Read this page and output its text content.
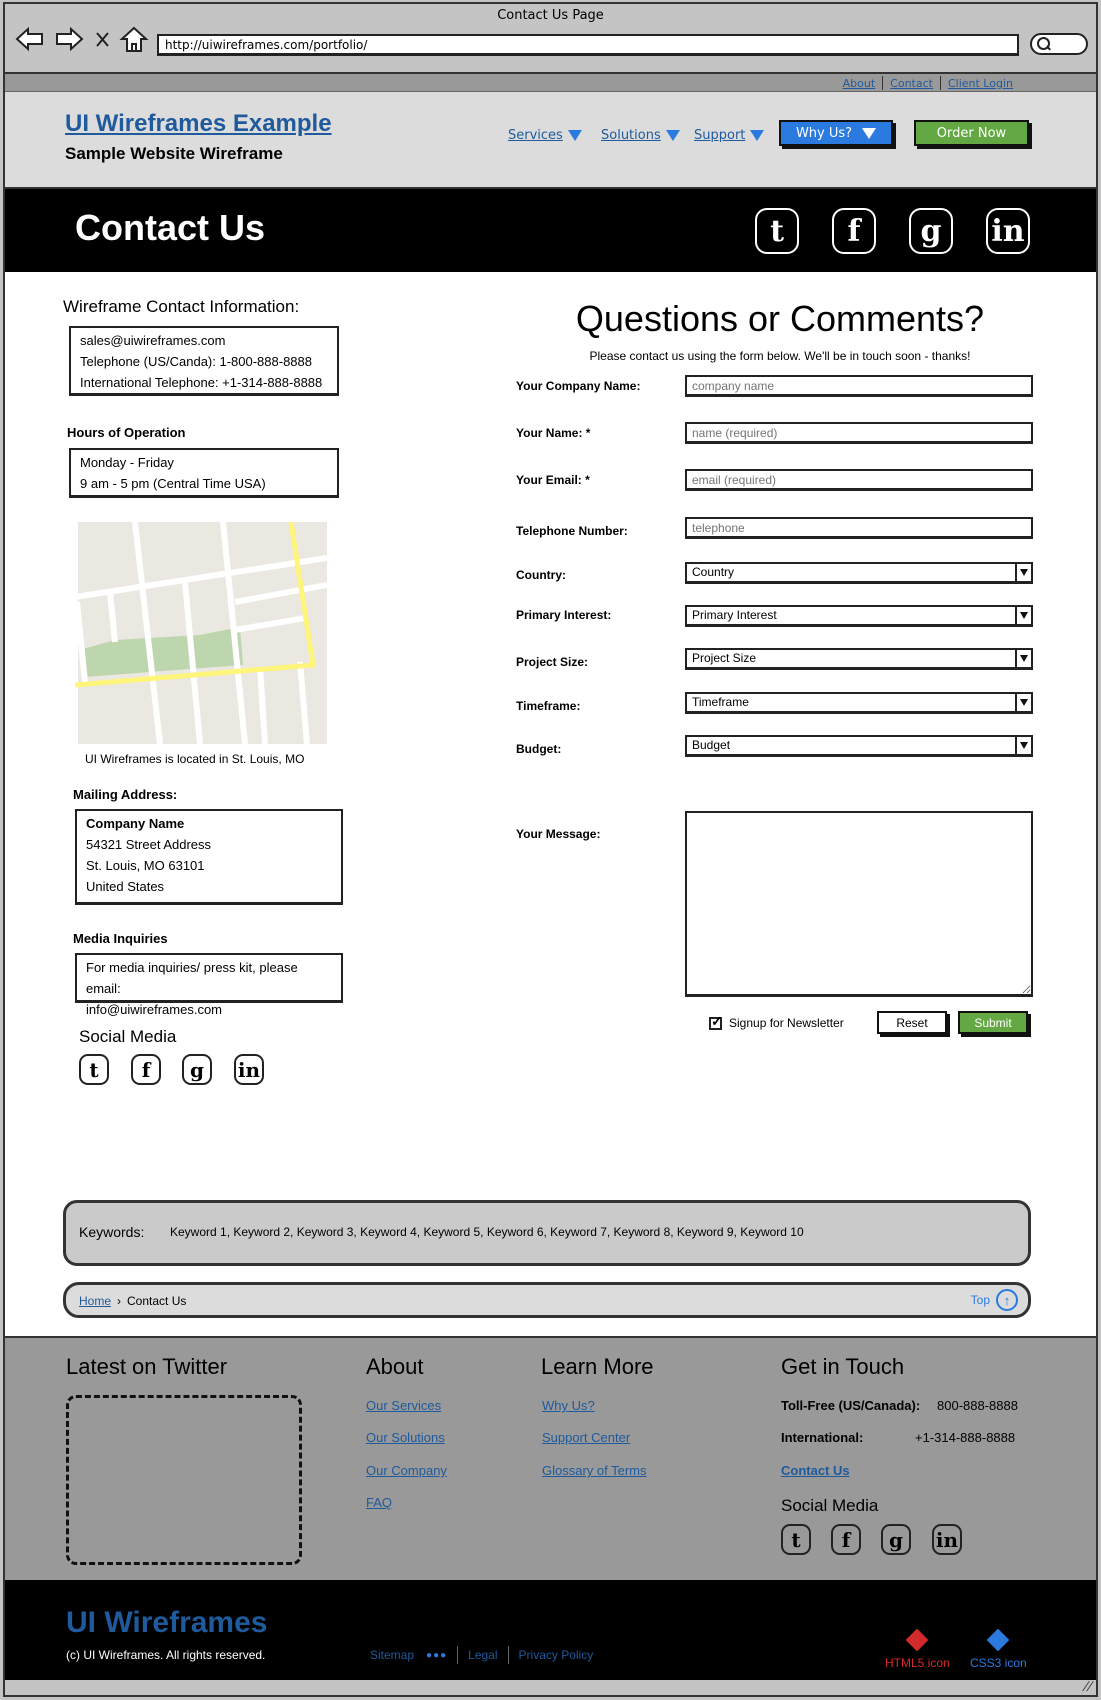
Contact Us Page
http://uiwireframes.com/portfolio/
About	Contact	Client Login
UI Wireframes Example
Sample Website Wireframe
Services	Solutions	Support	Why Us?	Order Now
Contact Us	t	f	g	in
Wireframe Contact Information:
sales@uiwireframes.com
Telephone (US/Canda): 1-800-888-8888
International Telephone: +1-314-888-8888
Hours of Operation
Monday - Friday
9 am - 5 pm (Central Time USA)
UI Wireframes is located in St. Louis, MO
Mailing Address:
Company Name
54321 Street Address
St. Louis, MO 63101
United States
Media Inquiries
For media inquiries/ press kit, please email:
info@uiwireframes.com
Social Media
t	f	g	in
Questions or Comments?
Please contact us using the form below. We'll be in touch soon - thanks!
Your Company Name:
company name
Your Name: *
name (required)
Your Email: *
email (required)
Telephone Number:
telephone
Country:	Country
Primary Interest:	Primary Interest
Project Size:	Project Size
Timeframe:	Timeframe
Budget:	Budget
Your Message:
✓
Signup for Newsletter	Reset	Submit
Keywords: Keyword 1, Keyword 2, Keyword 3, Keyword 4, Keyword 5, Keyword 6, Keyword 7, Keyword 8, Keyword 9, Keyword 10
Home › Contact Us	Top	↑
Latest on Twitter	About
Our Services
Our Solutions
Our Company
FAQ
Learn More
Why Us?
Support Center
Glossary of Terms
Get in Touch
Toll-Free (US/Canada): 800-888-8888
International:	+1-314-888-8888
Contact Us
Social Media
t	f	g	in
UI Wireframes
(c) UI Wireframes. All rights reserved.	Sitemap ●●● Legal Privacy Policy
HTML5 icon CSS3 icon
//
